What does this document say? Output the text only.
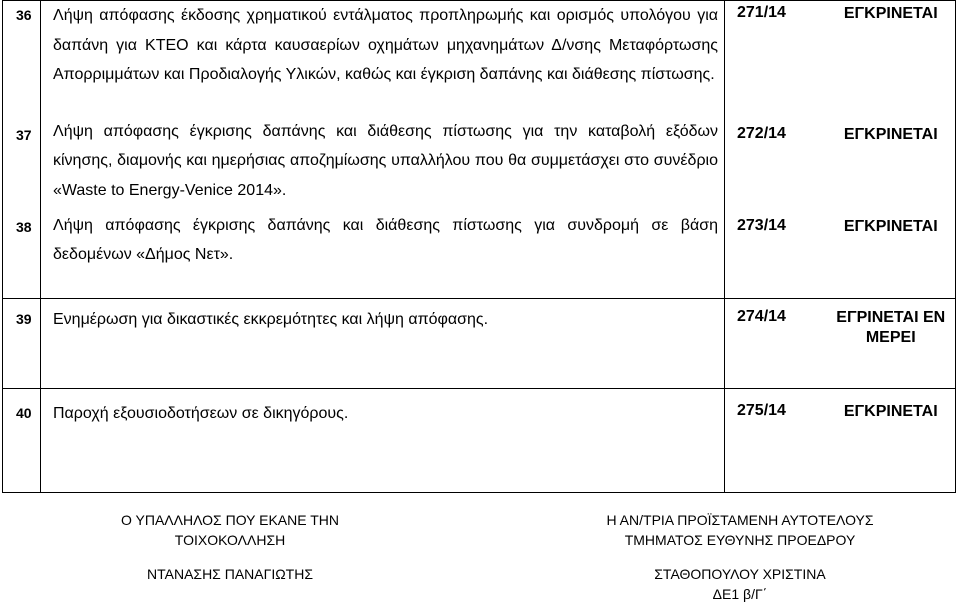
36	Λήψη απόφασης έκδοσης χρηματικού εντάλματος προπληρωμής και ορισμός υπολόγου για δαπάνη για ΚΤΕΟ και κάρτα καυσαερίων οχημάτων μηχανημάτων Δ/νσης Μεταφόρτωσης Απορριμμάτων και Προδιαλογής Υλικών, καθώς και έγκριση δαπάνης και διάθεσης πίστωσης.	271/14	ΕΓΚΡΙΝΕΤΑΙ
37	Λήψη απόφασης έγκρισης δαπάνης και διάθεσης πίστωσης για την καταβολή εξόδων κίνησης, διαμονής και ημερήσιας αποζημίωσης υπαλλήλου που θα συμμετάσχει στο συνέδριο «Waste to Energy-Venice 2014».	272/14	ΕΓΚΡΙΝΕΤΑΙ
38	Λήψη απόφασης έγκρισης δαπάνης και διάθεσης πίστωσης για συνδρομή σε βάση δεδομένων «Δήμος Νετ».	273/14	ΕΓΚΡΙΝΕΤΑΙ
39	Ενημέρωση για δικαστικές εκκρεμότητες και λήψη απόφασης.	274/14	ΕΓΡΙΝΕΤΑΙ ΕΝ ΜΕΡΕΙ
40	Παροχή εξουσιοδοτήσεων σε δικηγόρους.	275/14	ΕΓΚΡΙΝΕΤΑΙ
Ο ΥΠΑΛΛΗΛΟΣ ΠΟΥ ΕΚΑΝΕ ΤΗΝ
ΤΟΙΧΟΚΟΛΛΗΣΗ
ΝΤΑΝΑΣΗΣ ΠΑΝΑΓΙΩΤΗΣ
Η ΑΝ/ΤΡΙΑ ΠΡΟΪΣΤΑΜΕΝΗ ΑΥΤΟΤΕΛΟΥΣ
ΤΜΗΜΑΤΟΣ ΕΥΘΥΝΗΣ ΠΡΟΕΔΡΟΥ
ΣΤΑΘΟΠΟΥΛΟΥ ΧΡΙΣΤΙΝΑ
ΔΕ1 β/Γ΄
